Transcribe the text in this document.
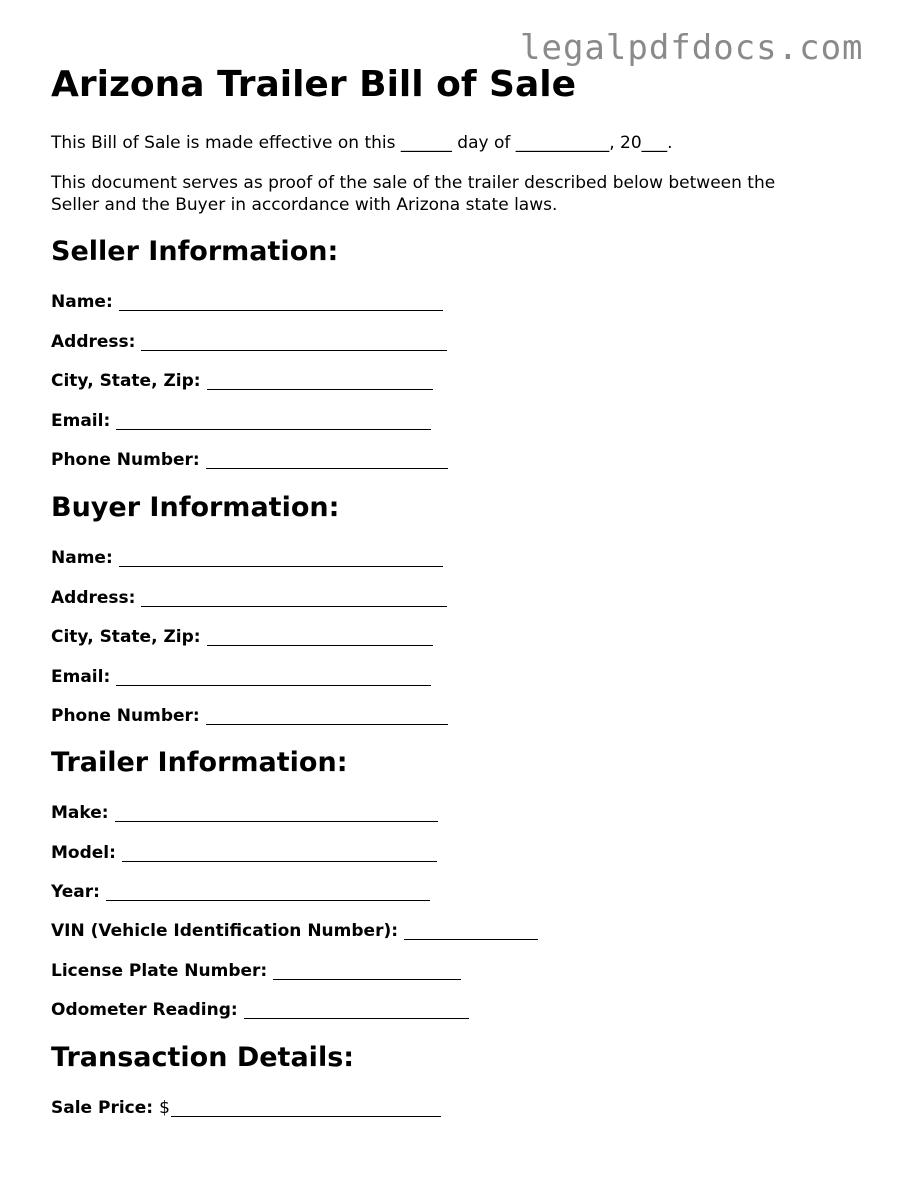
legalpdfdocs.com
Arizona Trailer Bill of Sale

This Bill of Sale is made effective on this ______ day of ___________, 20___.

This document serves as proof of the sale of the trailer described below between the

Seller and the Buyer in accordance with Arizona state laws.

Seller Information:
Name:
Address:
City, State, Zip:
Email:
Phone Number:
Buyer Information:
Name:
Address:
City, State, Zip:
Email:
Phone Number:
Trailer Information:
Make:
Model:
Year:
VIN (Vehicle Identification Number):
License Plate Number:
Odometer Reading:
Transaction Details:
Sale Price: $
